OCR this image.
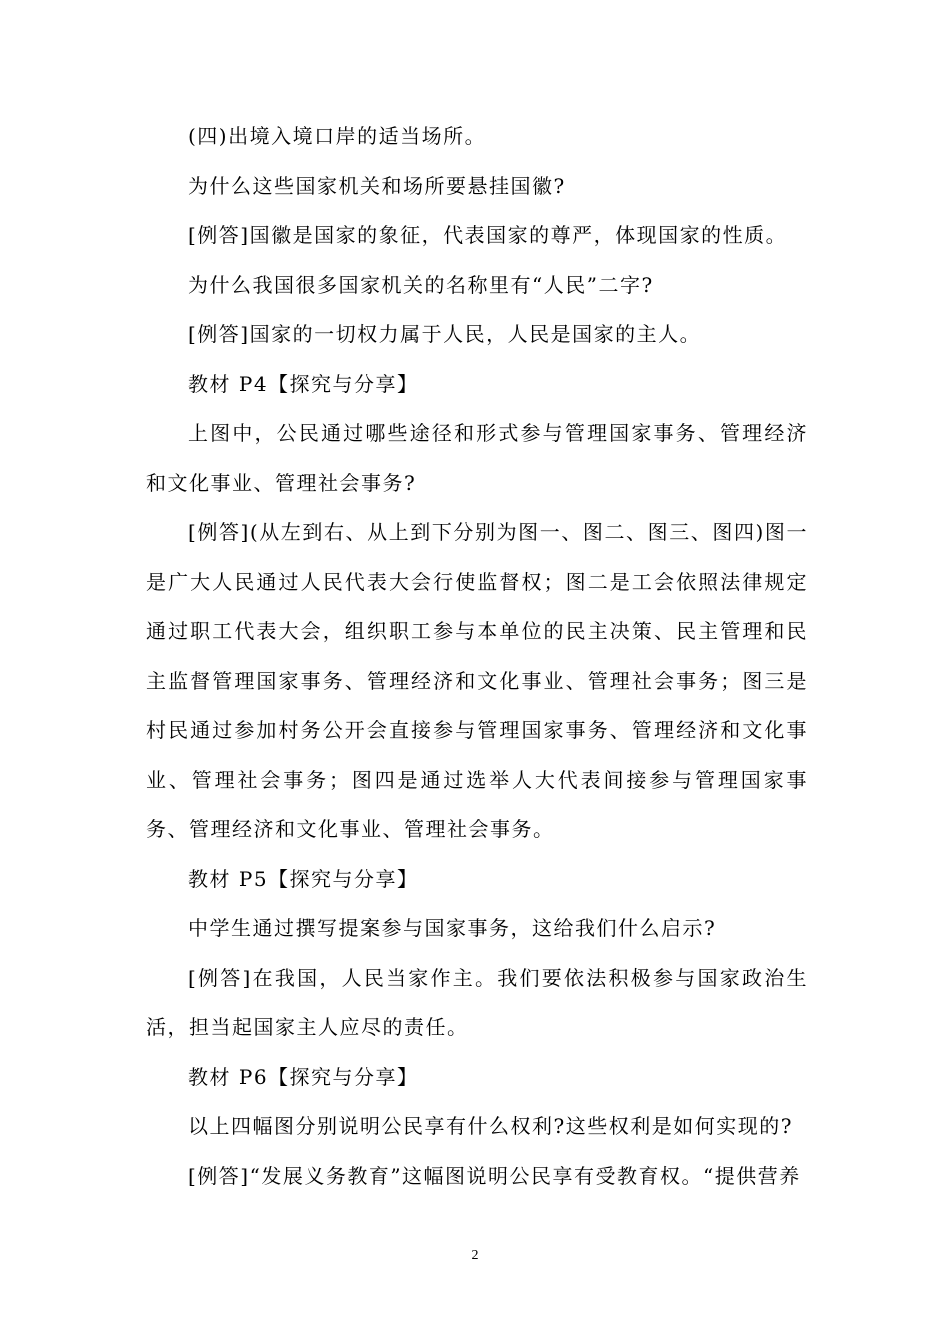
(四)出境入境口岸的适当场所。

为什么这些国家机关和场所要悬挂国徽?

[例答]国徽是国家的象征，代表国家的尊严，体现国家的性质。

为什么我国很多国家机关的名称里有“人民”二字?

[例答]国家的一切权力属于人民，人民是国家的主人。

教材 P4【探究与分享】

上图中，公民通过哪些途径和形式参与管理国家事务、管理经济和文化事业、管理社会事务?

[例答](从左到右、从上到下分别为图一、图二、图三、图四)图一是广大人民通过人民代表大会行使监督权；图二是工会依照法律规定通过职工代表大会，组织职工参与本单位的民主决策、民主管理和民主监督管理国家事务、管理经济和文化事业、管理社会事务；图三是村民通过参加村务公开会直接参与管理国家事务、管理经济和文化事业、管理社会事务；图四是通过选举人大代表间接参与管理国家事务、管理经济和文化事业、管理社会事务。

教材 P5【探究与分享】

中学生通过撰写提案参与国家事务，这给我们什么启示?

[例答]在我国，人民当家作主。我们要依法积极参与国家政治生活，担当起国家主人应尽的责任。

教材 P6【探究与分享】

以上四幅图分别说明公民享有什么权利?这些权利是如何实现的?

[例答]“发展义务教育”这幅图说明公民享有受教育权。“提供营养

2
